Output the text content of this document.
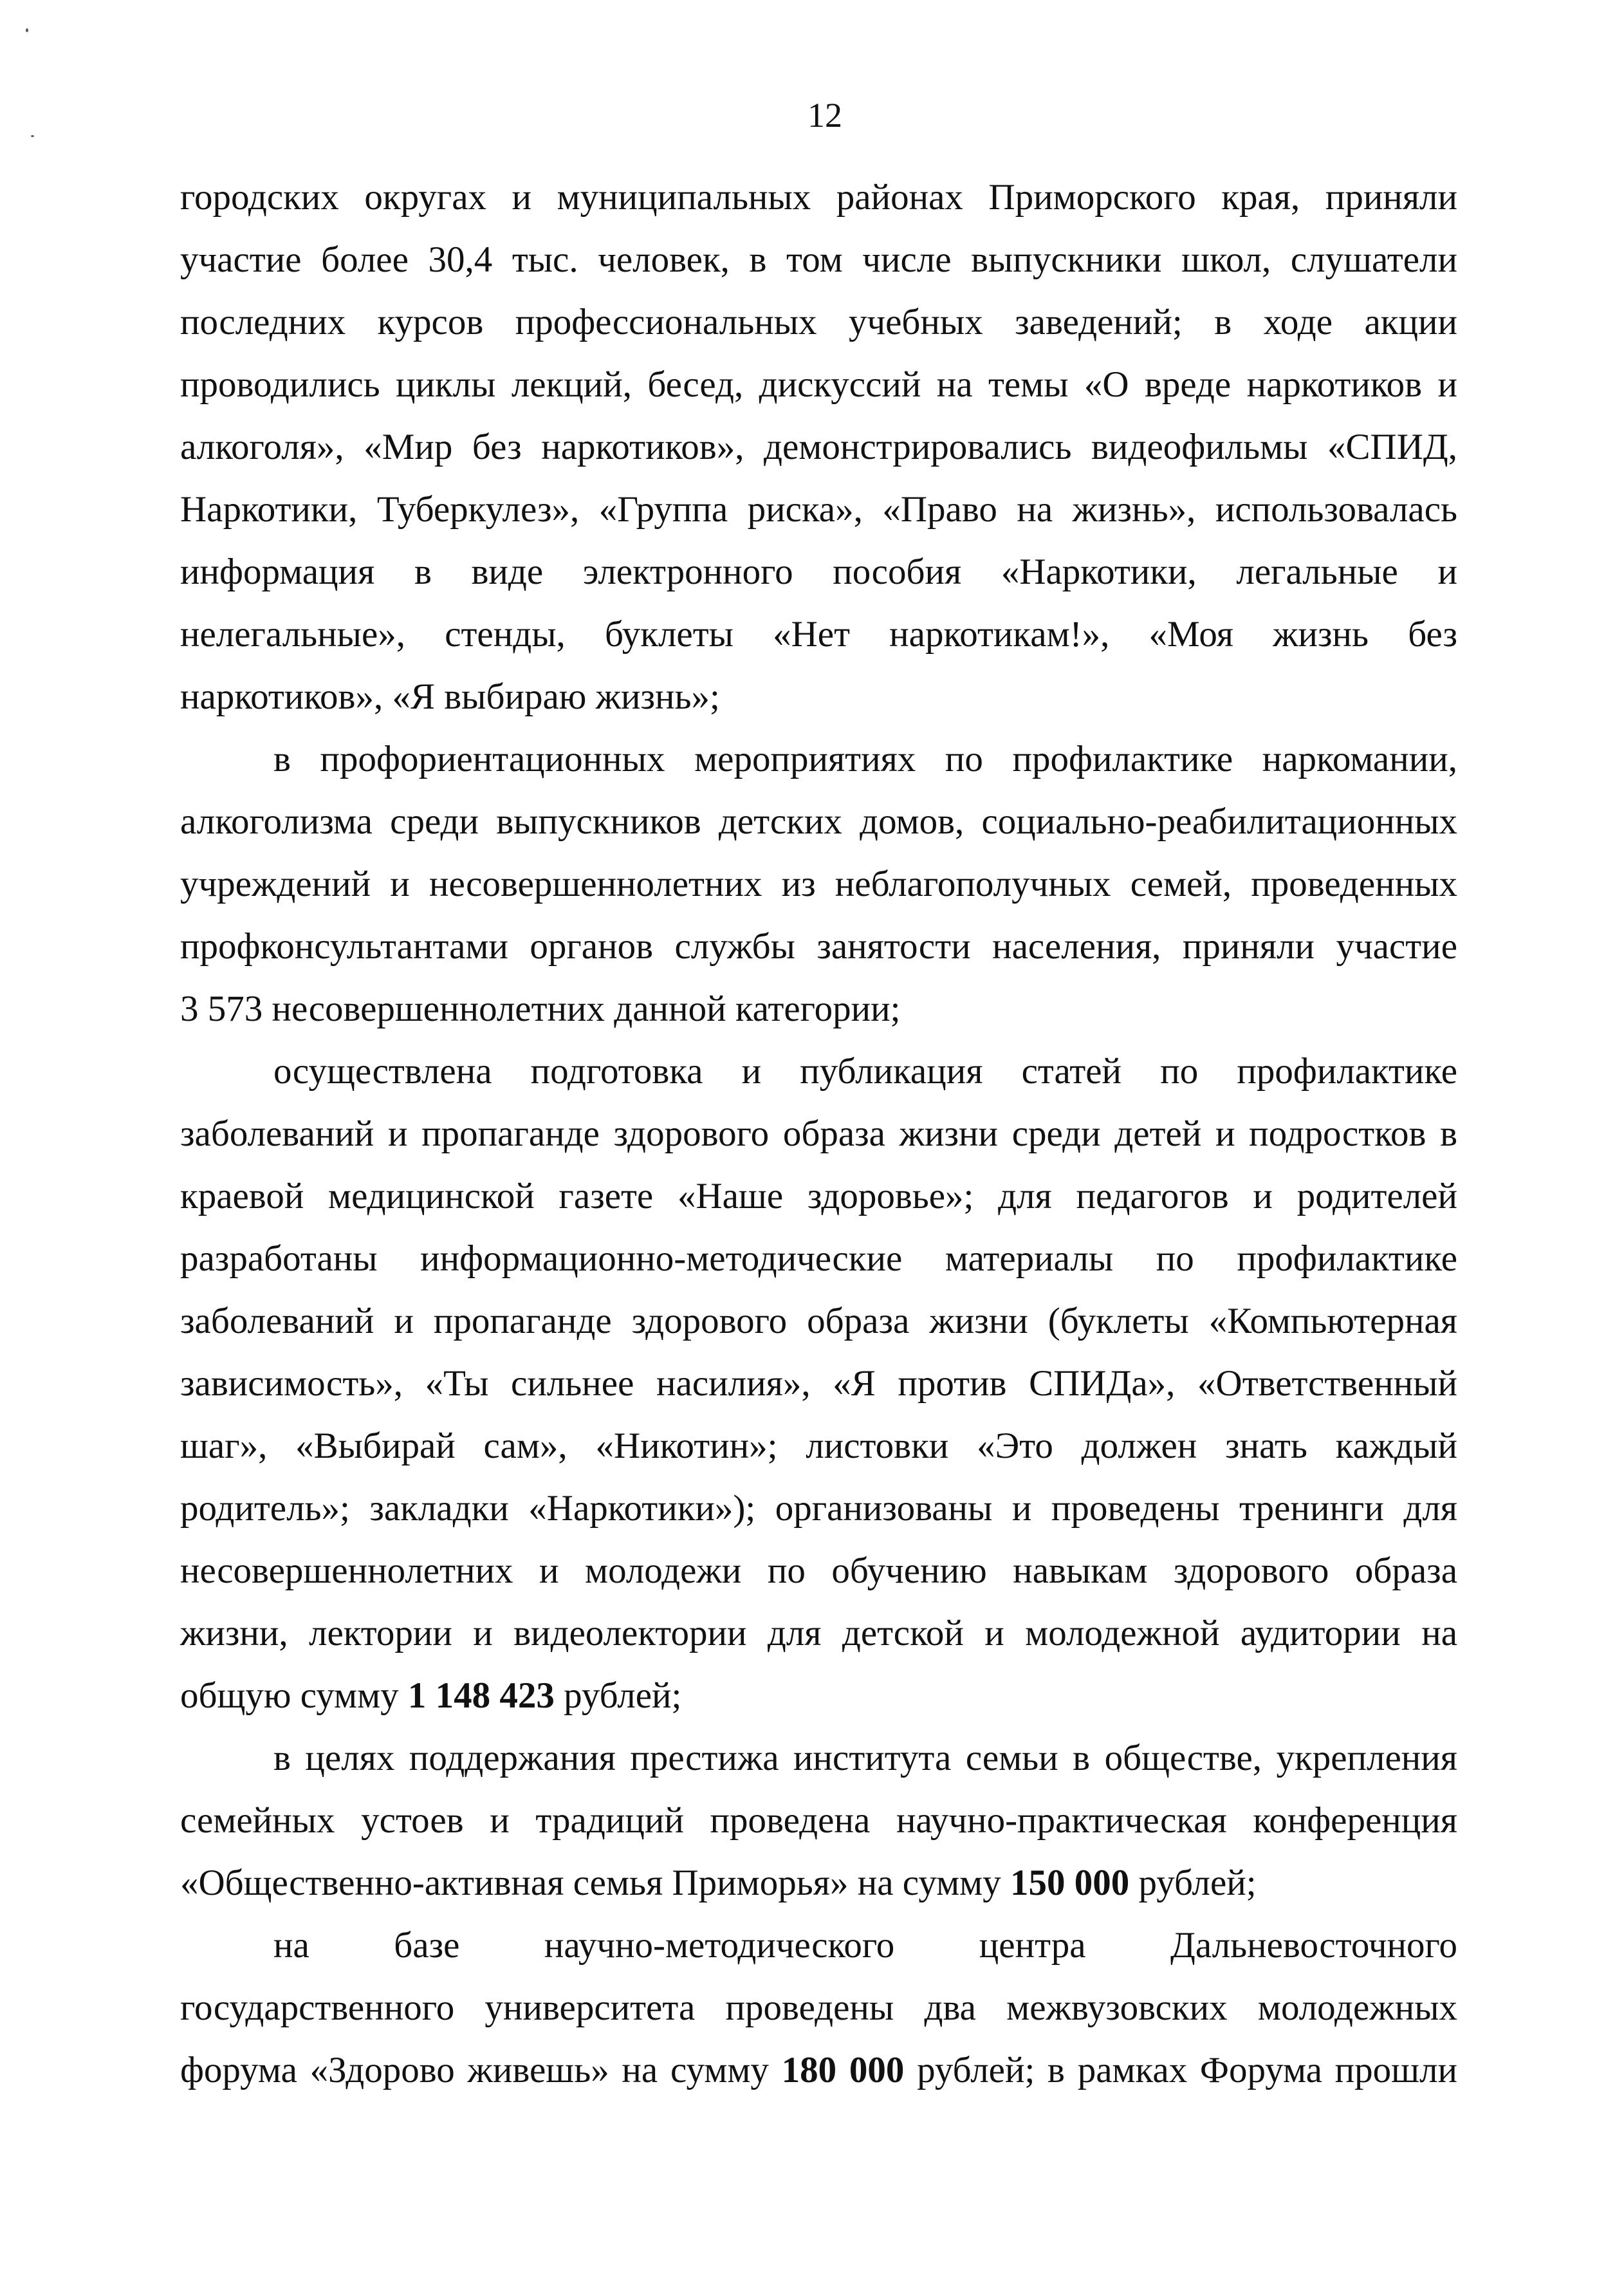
12
городских округах и муниципальных районах Приморского края, приняли
участие более 30,4 тыс. человек, в том числе выпускники школ, слушатели
последних курсов профессиональных учебных заведений; в ходе акции
проводились циклы лекций, бесед, дискуссий на темы «О вреде наркотиков и
алкоголя», «Мир без наркотиков», демонстрировались видеофильмы «СПИД,
Наркотики, Туберкулез», «Группа риска», «Право на жизнь», использовалась
информация в виде электронного пособия «Наркотики, легальные и
нелегальные», стенды, буклеты «Нет наркотикам!», «Моя жизнь без
наркотиков», «Я выбираю жизнь»;
в профориентационных мероприятиях по профилактике наркомании,
алкоголизма среди выпускников детских домов, социально-реабилитационных
учреждений и несовершеннолетних из неблагополучных семей, проведенных
профконсультантами органов службы занятости населения, приняли участие
3 573 несовершеннолетних данной категории;
осуществлена подготовка и публикация статей по профилактике
заболеваний и пропаганде здорового образа жизни среди детей и подростков в
краевой медицинской газете «Наше здоровье»; для педагогов и родителей
разработаны информационно-методические материалы по профилактике
заболеваний и пропаганде здорового образа жизни (буклеты «Компьютерная
зависимость», «Ты сильнее насилия», «Я против СПИДа», «Ответственный
шаг», «Выбирай сам», «Никотин»; листовки «Это должен знать каждый
родитель»; закладки «Наркотики»); организованы и проведены тренинги для
несовершеннолетних и молодежи по обучению навыкам здорового образа
жизни, лектории и видеолектории для детской и молодежной аудитории на
общую сумму 1 148 423 рублей;
в целях поддержания престижа института семьи в обществе, укрепления
семейных устоев и традиций проведена научно-практическая конференция
«Общественно-активная семья Приморья» на сумму 150 000 рублей;
на базе научно-методического центра Дальневосточного
государственного университета проведены два межвузовских молодежных
форума «Здорово живешь» на сумму 180 000 рублей; в рамках Форума прошли
